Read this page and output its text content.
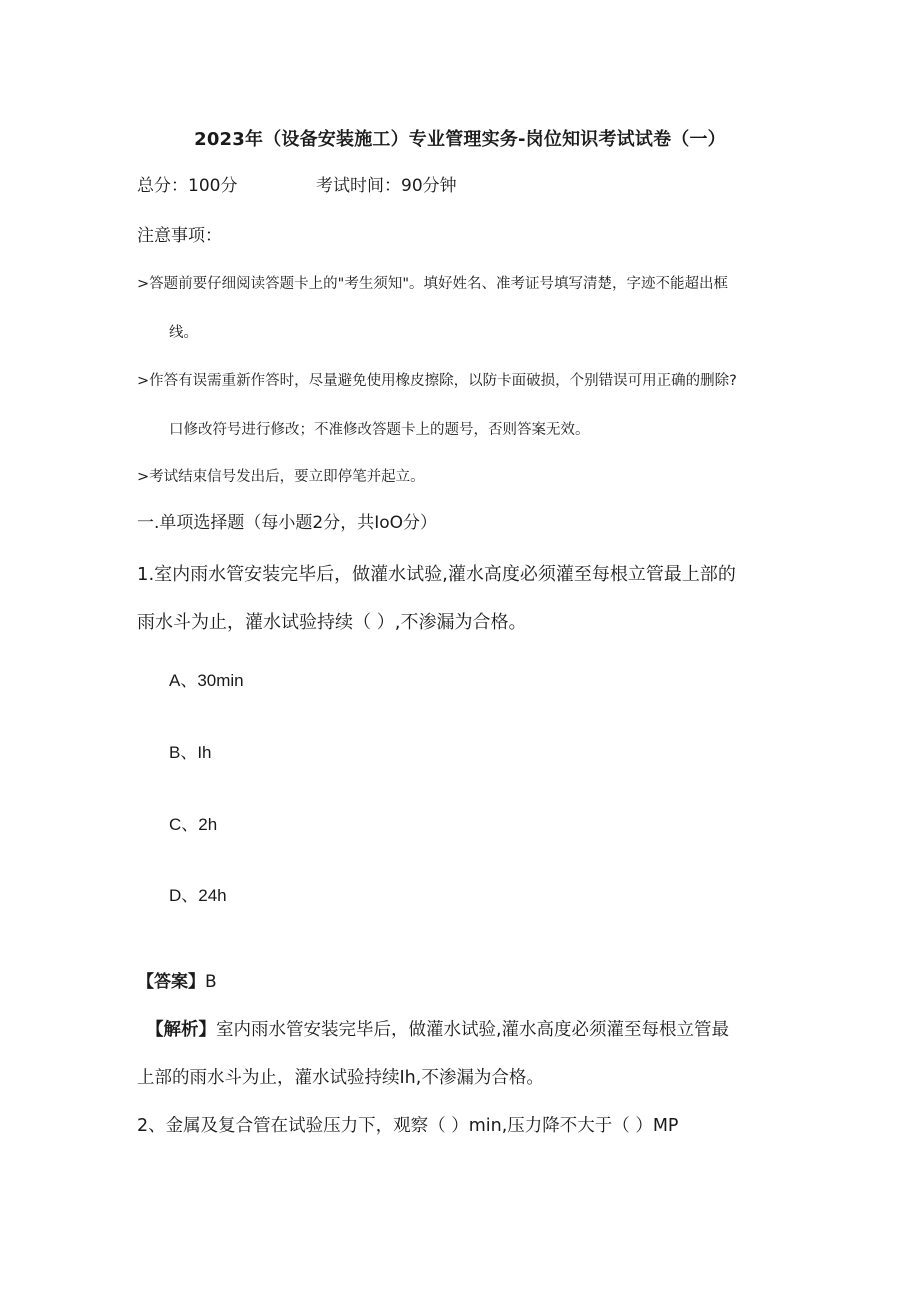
2023年（设备安装施工）专业管理实务-岗位知识考试试卷（一）
总分：100分	考试时间：90分钟
注意事项：
>答题前要仔细阅读答题卡上的"考生须知"。填好姓名、准考证号填写清楚，字迹不能超出框
线。
>作答有误需重新作答时，尽量避免使用橡皮擦除，以防卡面破损，个别错误可用正确的删除?
口修改符号进行修改；不准修改答题卡上的题号，否则答案无效。
>考试结束信号发出后，要立即停笔并起立。
一.单项选择题（每小题2分，共IoO分）
1.室内雨水管安装完毕后，做灌水试验,灌水高度必须灌至每根立管最上部的
雨水斗为止，灌水试验持续（ ）,不渗漏为合格。
A、30min
B、Ih
C、2h
D、24h
【答案】B
【解析】室内雨水管安装完毕后，做灌水试验,灌水高度必须灌至每根立管最
上部的雨水斗为止，灌水试验持续Ih,不渗漏为合格。
2、金属及复合管在试验压力下，观察（ ）min,压力降不大于（ ）MP
